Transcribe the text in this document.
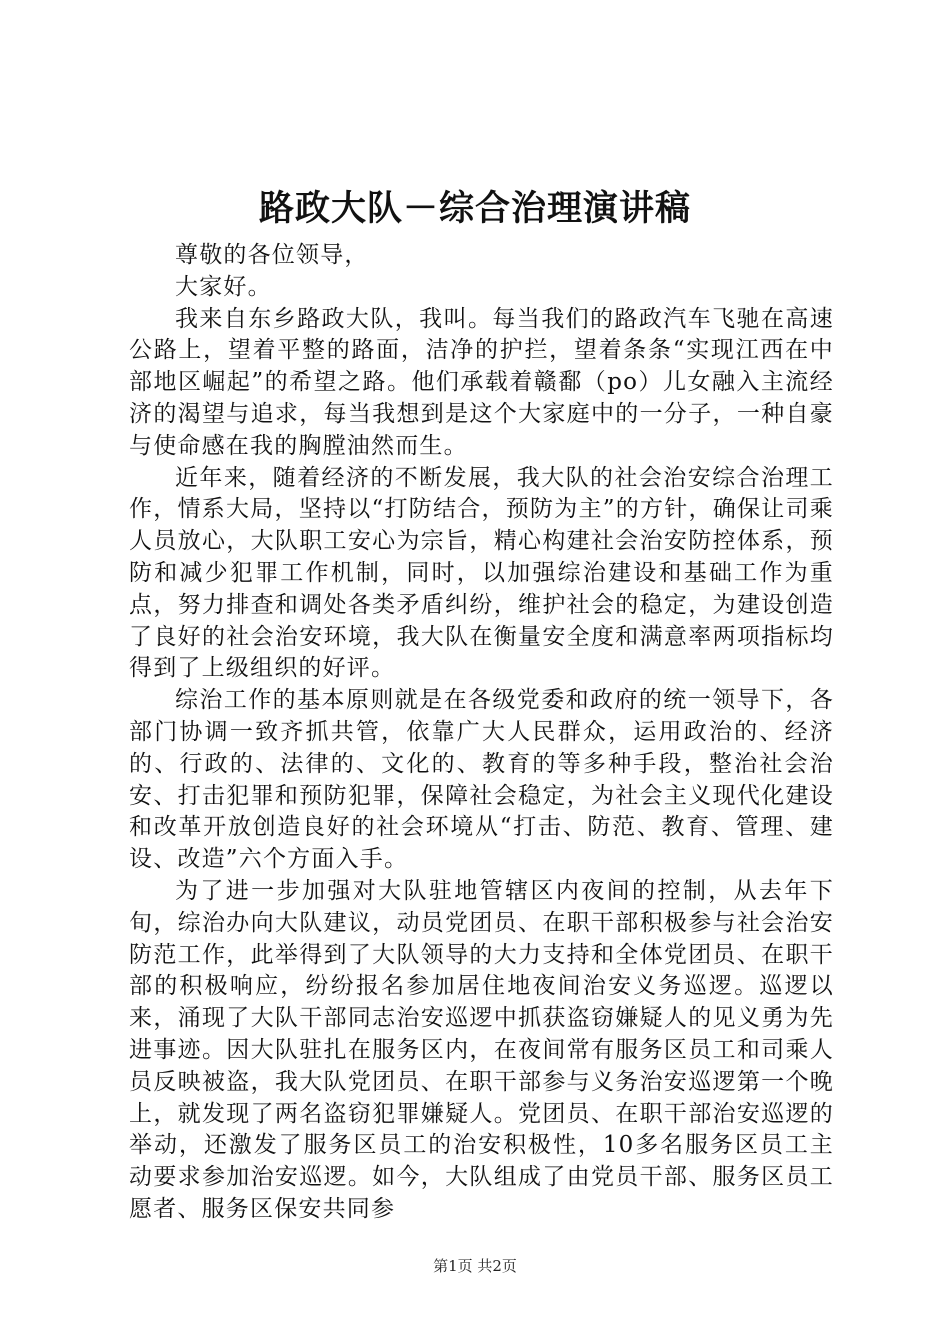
路政大队－综合治理演讲稿

尊敬的各位领导，

大家好。

我来自东乡路政大队，我叫。每当我们的路政汽车飞驰在高速公路上，望着平整的路面，洁净的护拦，望着条条“实现江西在中部地区崛起”的希望之路。他们承载着赣鄱（po）儿女融入主流经济的渴望与追求，每当我想到是这个大家庭中的一分子，一种自豪与使命感在我的胸膛油然而生。

近年来，随着经济的不断发展，我大队的社会治安综合治理工作，情系大局，坚持以“打防结合，预防为主”的方针，确保让司乘人员放心，大队职工安心为宗旨，精心构建社会治安防控体系，预防和减少犯罪工作机制，同时，以加强综治建设和基础工作为重点，努力排查和调处各类矛盾纠纷，维护社会的稳定，为建设创造了良好的社会治安环境，我大队在衡量安全度和满意率两项指标均得到了上级组织的好评。

综治工作的基本原则就是在各级党委和政府的统一领导下，各部门协调一致齐抓共管，依靠广大人民群众，运用政治的、经济的、行政的、法律的、文化的、教育的等多种手段，整治社会治安、打击犯罪和预防犯罪，保障社会稳定，为社会主义现代化建设和改革开放创造良好的社会环境从“打击、防范、教育、管理、建设、改造”六个方面入手。

为了进一步加强对大队驻地管辖区内夜间的控制，从去年下旬，综治办向大队建议，动员党团员、在职干部积极参与社会治安防范工作，此举得到了大队领导的大力支持和全体党团员、在职干部的积极响应，纷纷报名参加居住地夜间治安义务巡逻。巡逻以来，涌现了大队干部同志治安巡逻中抓获盗窃嫌疑人的见义勇为先进事迹。因大队驻扎在服务区内，在夜间常有服务区员工和司乘人员反映被盗，我大队党团员、在职干部参与义务治安巡逻第一个晚上，就发现了两名盗窃犯罪嫌疑人。党团员、在职干部治安巡逻的举动，还激发了服务区员工的治安积极性，10多名服务区员工主动要求参加治安巡逻。如今，大队组成了由党员干部、服务区员工愿者、服务区保安共同参

第1页 共2页
